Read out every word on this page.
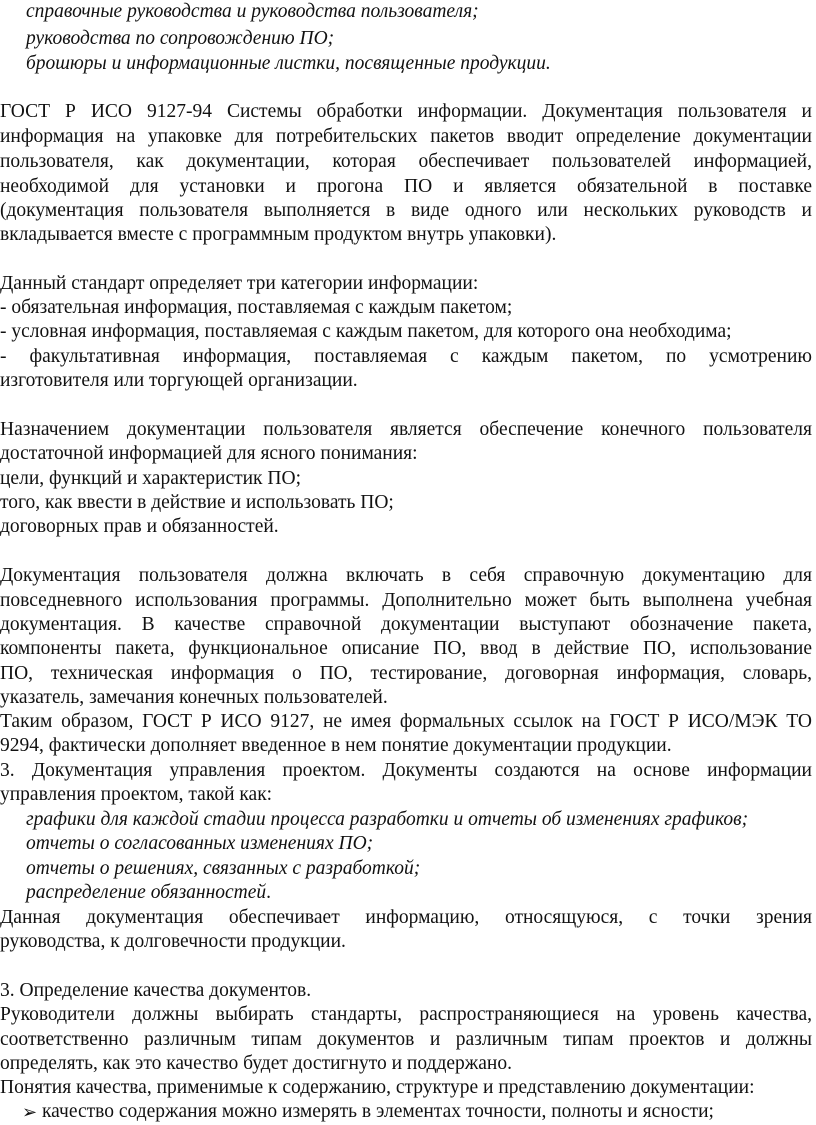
справочные руководства и руководства пользователя;
руководства по сопровождению ПО;
брошюры и информационные листки, посвященные продукции.
ГОСТ Р ИСО 9127-94 Системы обработки информации. Документация пользователя и
информация на упаковке для потребительских пакетов вводит определение документации
пользователя, как документации, которая обеспечивает пользователей информацией,
необходимой для установки и прогона ПО и является обязательной в поставке
(документация пользователя выполняется в виде одного или нескольких руководств и
вкладывается вместе с программным продуктом внутрь упаковки).
Данный стандарт определяет три категории информации:
- обязательная информация, поставляемая с каждым пакетом;
- условная информация, поставляемая с каждым пакетом, для которого она необходима;
- факультативная информация, поставляемая с каждым пакетом, по усмотрению
изготовителя или торгующей организации.
Назначением документации пользователя является обеспечение конечного пользователя
достаточной информацией для ясного понимания:
цели, функций и характеристик ПО;
того, как ввести в действие и использовать ПО;
договорных прав и обязанностей.
Документация пользователя должна включать в себя справочную документацию для
повседневного использования программы. Дополнительно может быть выполнена учебная
документация. В качестве справочной документации выступают обозначение пакета,
компоненты пакета, функциональное описание ПО, ввод в действие ПО, использование
ПО, техническая информация о ПО, тестирование, договорная информация, словарь,
указатель, замечания конечных пользователей.
Таким образом, ГОСТ Р ИСО 9127, не имея формальных ссылок на ГОСТ Р ИСО/МЭК ТО
9294, фактически дополняет введенное в нем понятие документации продукции.
3. Документация управления проектом. Документы создаются на основе информации
управления проектом, такой как:
графики для каждой стадии процесса разработки и отчеты об изменениях графиков;
отчеты о согласованных изменениях ПО;
отчеты о решениях, связанных с разработкой;
распределение обязанностей.
Данная документация обеспечивает информацию, относящуюся, с точки зрения
руководства, к долговечности продукции.
3. Определение качества документов.
Руководители должны выбирать стандарты, распространяющиеся на уровень качества,
соответственно различным типам документов и различным типам проектов и должны
определять, как это качество будет достигнуто и поддержано.
Понятия качества, применимые к содержанию, структуре и представлению документации:
➢ качество содержания можно измерять в элементах точности, полноты и ясности;
